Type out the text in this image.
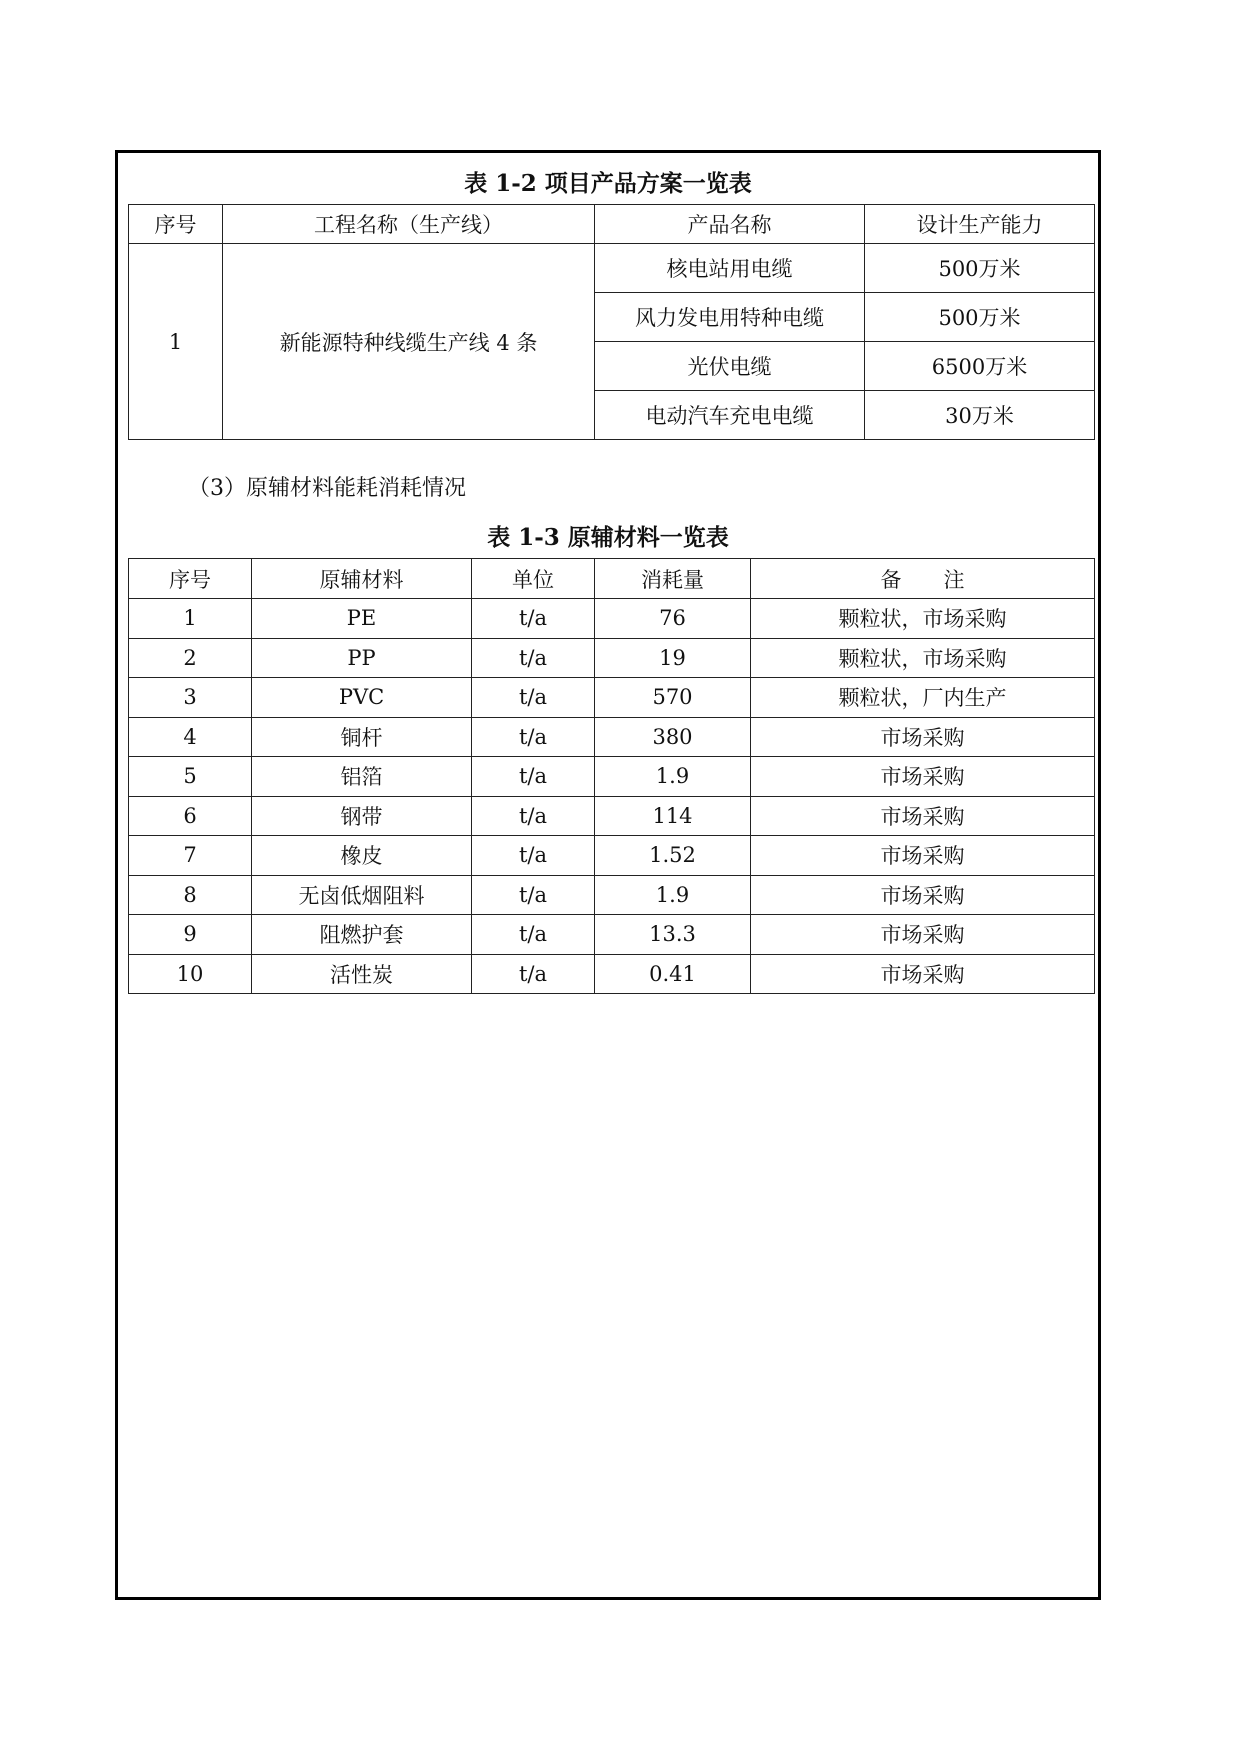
表 1-2 项目产品方案一览表
序号	工程名称（生产线）	产品名称	设计生产能力
1	新能源特种线缆生产线 4 条	核电站用电缆	500万米
		风力发电用特种电缆	500万米
		光伏电缆	6500万米
		电动汽车充电电缆	30万米
（3）原辅材料能耗消耗情况
表 1-3 原辅材料一览表
序号	原辅材料	单位	消耗量	备　　注
1	PE	t/a	76	颗粒状，市场采购
2	PP	t/a	19	颗粒状，市场采购
3	PVC	t/a	570	颗粒状，厂内生产
4	铜杆	t/a	380	市场采购
5	铝箔	t/a	1.9	市场采购
6	钢带	t/a	114	市场采购
7	橡皮	t/a	1.52	市场采购
8	无卤低烟阻料	t/a	1.9	市场采购
9	阻燃护套	t/a	13.3	市场采购
10	活性炭	t/a	0.41	市场采购
